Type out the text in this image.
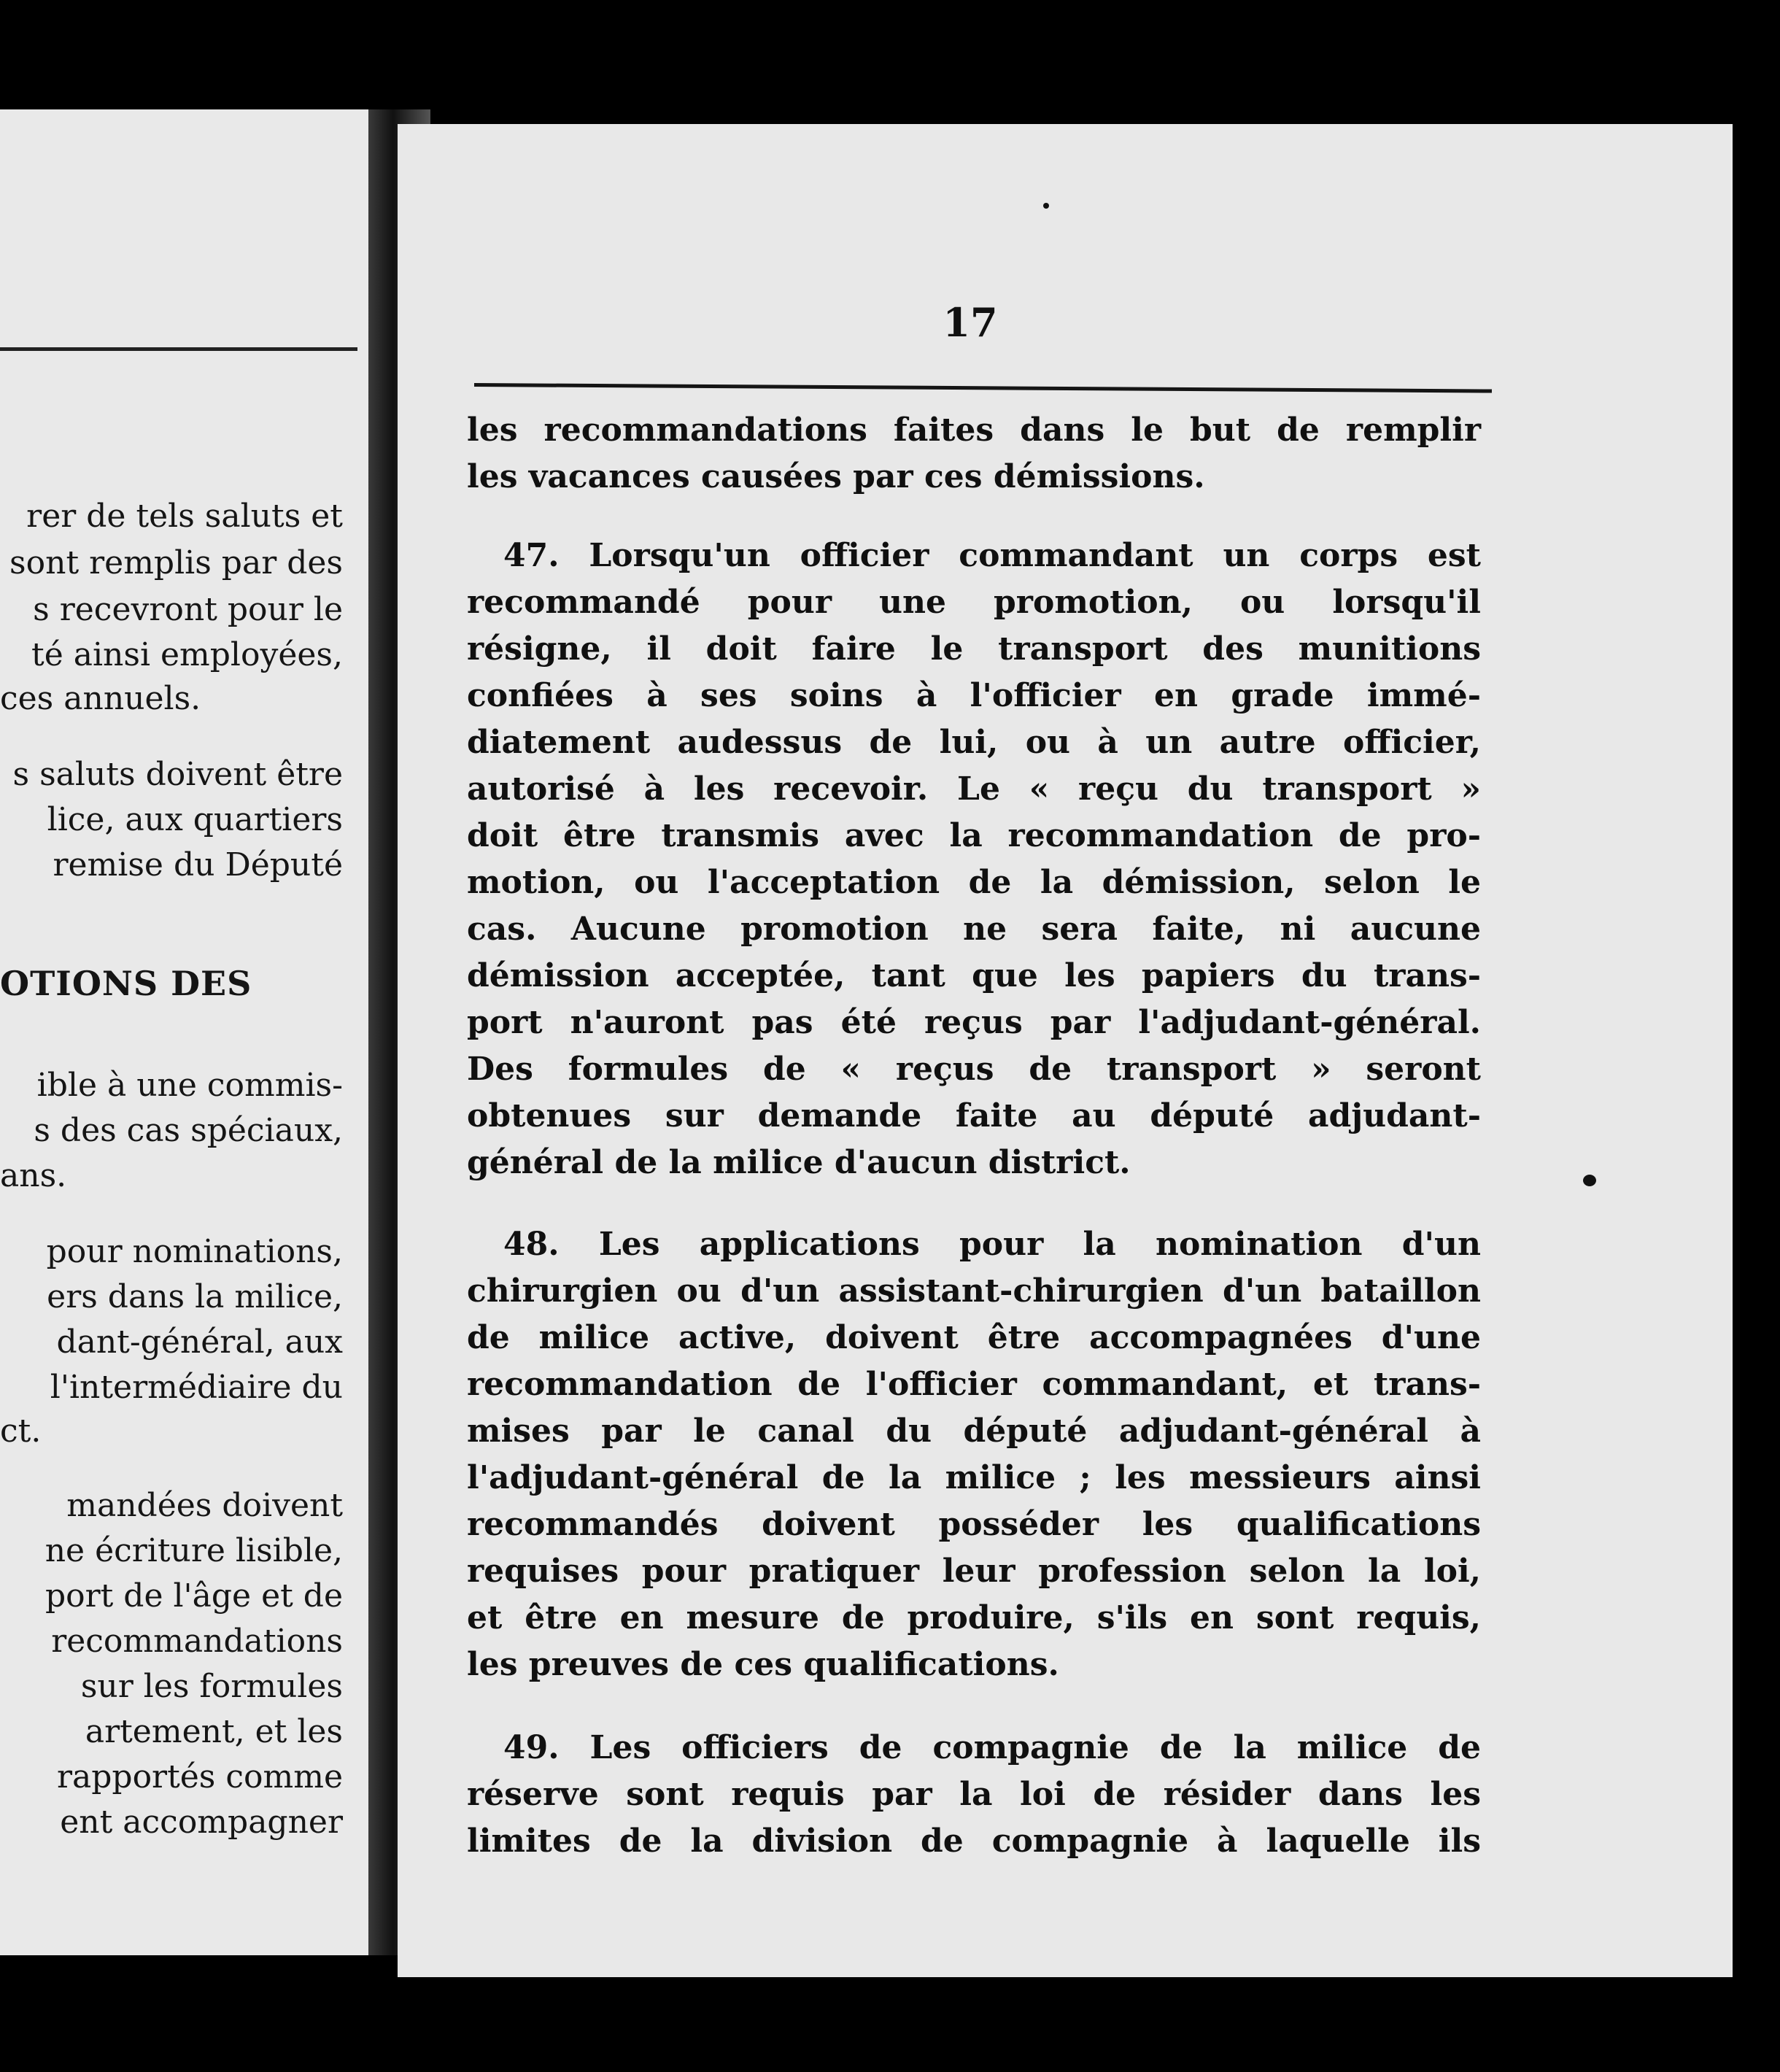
rer de tels saluts et
sont remplis par des
s recevront pour le
té ainsi employées,
ces annuels.
s saluts doivent être
lice, aux quartiers
remise du Député
OTIONS DES
ible à une commis-
s des cas spéciaux,
ans.
pour nominations,
ers dans la milice,
dant-général, aux
l'intermédiaire du
ct.
mandées doivent
ne écriture lisible,
port de l'âge et de
recommandations
sur les formules
artement, et les
rapportés comme
ent accompagner
17
les recommandations faites dans le but de remplir
les vacances causées par ces démissions.
47. Lorsqu'un officier commandant un corps est
recommandé pour une promotion, ou lorsqu'il
résigne, il doit faire le transport des munitions
confiées à ses soins à l'officier en grade immé-
diatement audessus de lui, ou à un autre officier,
autorisé à les recevoir. Le « reçu du transport »
doit être transmis avec la recommandation de pro-
motion, ou l'acceptation de la démission, selon le
cas. Aucune promotion ne sera faite, ni aucune
démission acceptée, tant que les papiers du trans-
port n'auront pas été reçus par l'adjudant-général.
Des formules de « reçus de transport » seront
obtenues sur demande faite au député adjudant-
général de la milice d'aucun district.
48. Les applications pour la nomination d'un
chirurgien ou d'un assistant-chirurgien d'un bataillon
de milice active, doivent être accompagnées d'une
recommandation de l'officier commandant, et trans-
mises par le canal du député adjudant-général à
l'adjudant-général de la milice ; les messieurs ainsi
recommandés doivent posséder les qualifications
requises pour pratiquer leur profession selon la loi,
et être en mesure de produire, s'ils en sont requis,
les preuves de ces qualifications.
49. Les officiers de compagnie de la milice de
réserve sont requis par la loi de résider dans les
limites de la division de compagnie à laquelle ils
